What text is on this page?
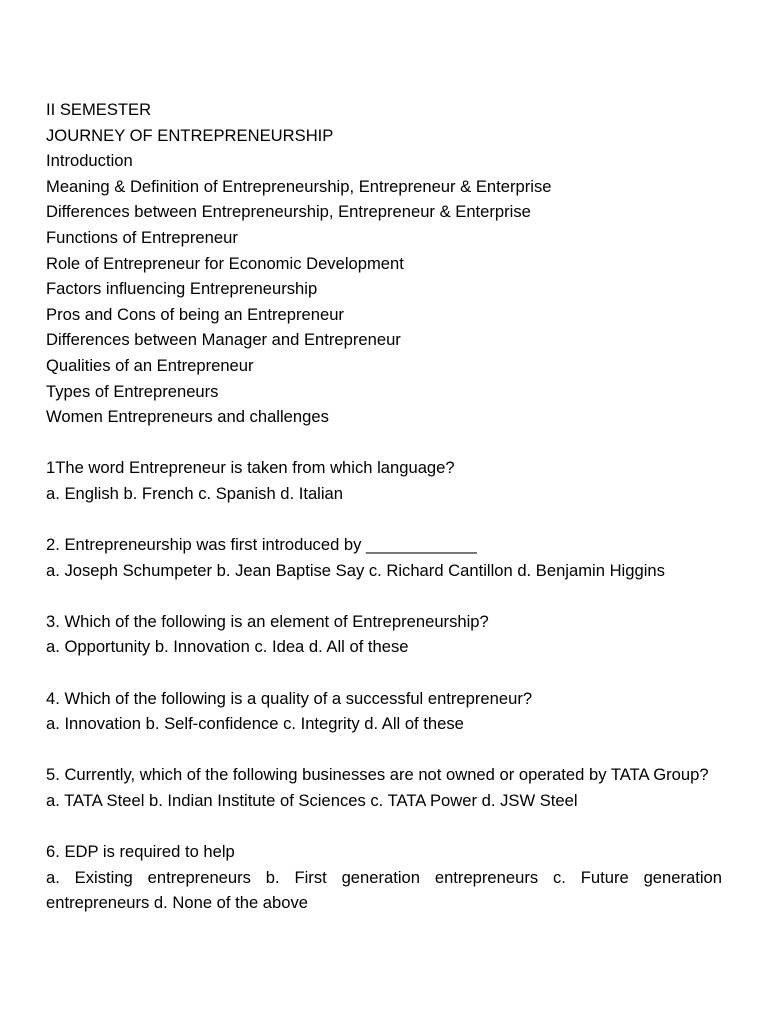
II SEMESTER

JOURNEY OF ENTREPRENEURSHIP

Introduction

Meaning & Definition of Entrepreneurship, Entrepreneur & Enterprise

Differences between Entrepreneurship, Entrepreneur & Enterprise

Functions of Entrepreneur

Role of Entrepreneur for Economic Development

Factors influencing Entrepreneurship

Pros and Cons of being an Entrepreneur

Differences between Manager and Entrepreneur

Qualities of an Entrepreneur

Types of Entrepreneurs

Women Entrepreneurs and challenges

1The word Entrepreneur is taken from which language?

a. English b. French c. Spanish d. Italian

2. Entrepreneurship was first introduced by ____________

a. Joseph Schumpeter b. Jean Baptise Say c. Richard Cantillon d. Benjamin Higgins

3. Which of the following is an element of Entrepreneurship?

a. Opportunity b. Innovation c. Idea d. All of these

4. Which of the following is a quality of a successful entrepreneur?

a. Innovation b. Self-confidence c. Integrity d. All of these

5. Currently, which of the following businesses are not owned or operated by TATA Group?

a. TATA Steel b. Indian Institute of Sciences c. TATA Power d. JSW Steel

6. EDP is required to help

a. Existing entrepreneurs b. First generation entrepreneurs c. Future generation entrepreneurs d. None of the above
